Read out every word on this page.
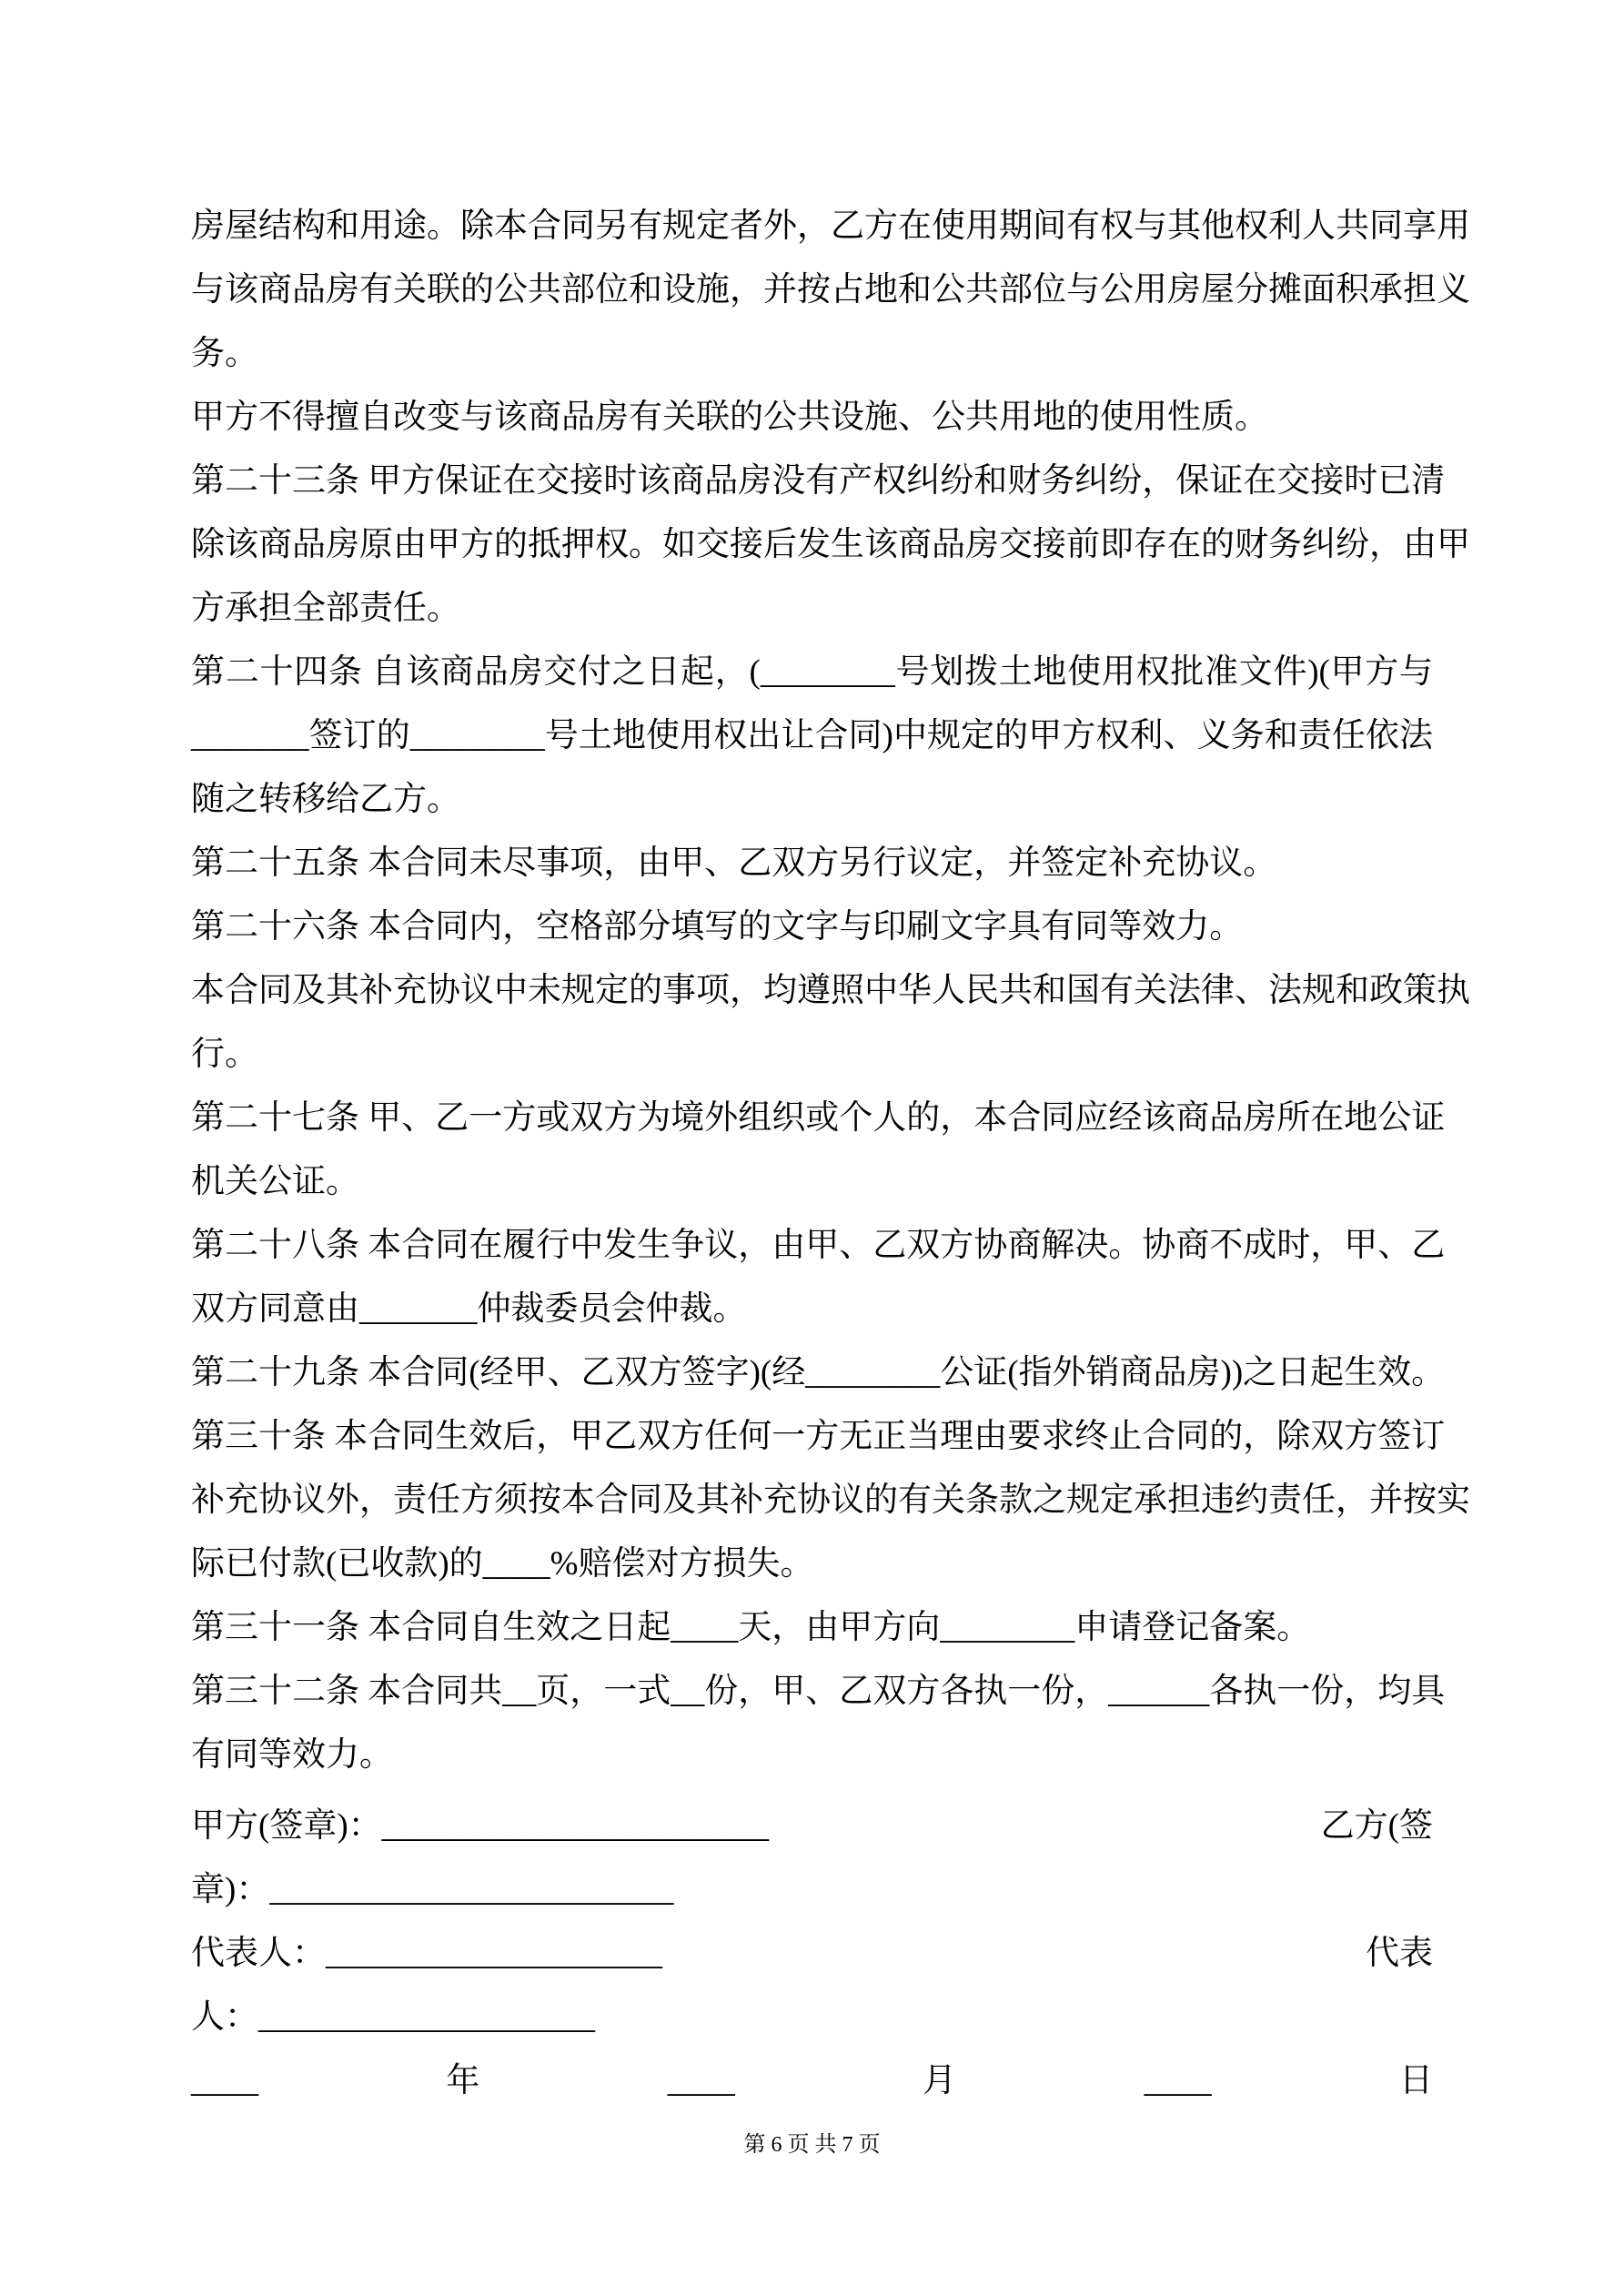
房屋结构和用途。除本合同另有规定者外，乙方在使用期间有权与其他权利人共同享用
与该商品房有关联的公共部位和设施，并按占地和公共部位与公用房屋分摊面积承担义
务。
甲方不得擅自改变与该商品房有关联的公共设施、公共用地的使用性质。
第二十三条 甲方保证在交接时该商品房没有产权纠纷和财务纠纷，保证在交接时已清
除该商品房原由甲方的抵押权。如交接后发生该商品房交接前即存在的财务纠纷，由甲
方承担全部责任。
第二十四条 自该商品房交付之日起，(________号划拨土地使用权批准文件)(甲方与
_______签订的________号土地使用权出让合同)中规定的甲方权利、义务和责任依法
随之转移给乙方。
第二十五条 本合同未尽事项，由甲、乙双方另行议定，并签定补充协议。
第二十六条 本合同内，空格部分填写的文字与印刷文字具有同等效力。
本合同及其补充协议中未规定的事项，均遵照中华人民共和国有关法律、法规和政策执
行。
第二十七条 甲、乙一方或双方为境外组织或个人的，本合同应经该商品房所在地公证
机关公证。
第二十八条 本合同在履行中发生争议，由甲、乙双方协商解决。协商不成时，甲、乙
双方同意由_______仲裁委员会仲裁。
第二十九条 本合同(经甲、乙双方签字)(经________公证(指外销商品房))之日起生效。
第三十条 本合同生效后，甲乙双方任何一方无正当理由要求终止合同的，除双方签订
补充协议外，责任方须按本合同及其补充协议的有关条款之规定承担违约责任，并按实
际已付款(已收款)的____%赔偿对方损失。
第三十一条 本合同自生效之日起____天，由甲方向________申请登记备案。
第三十二条 本合同共__页，一式__份，甲、乙双方各执一份，______各执一份，均具
有同等效力。
甲方(签章)：_______________________	乙方(签
章)：________________________
代表人：____________________	代表
人：____________________
____	年	____	月	____	日
第 6 页 共 7 页
